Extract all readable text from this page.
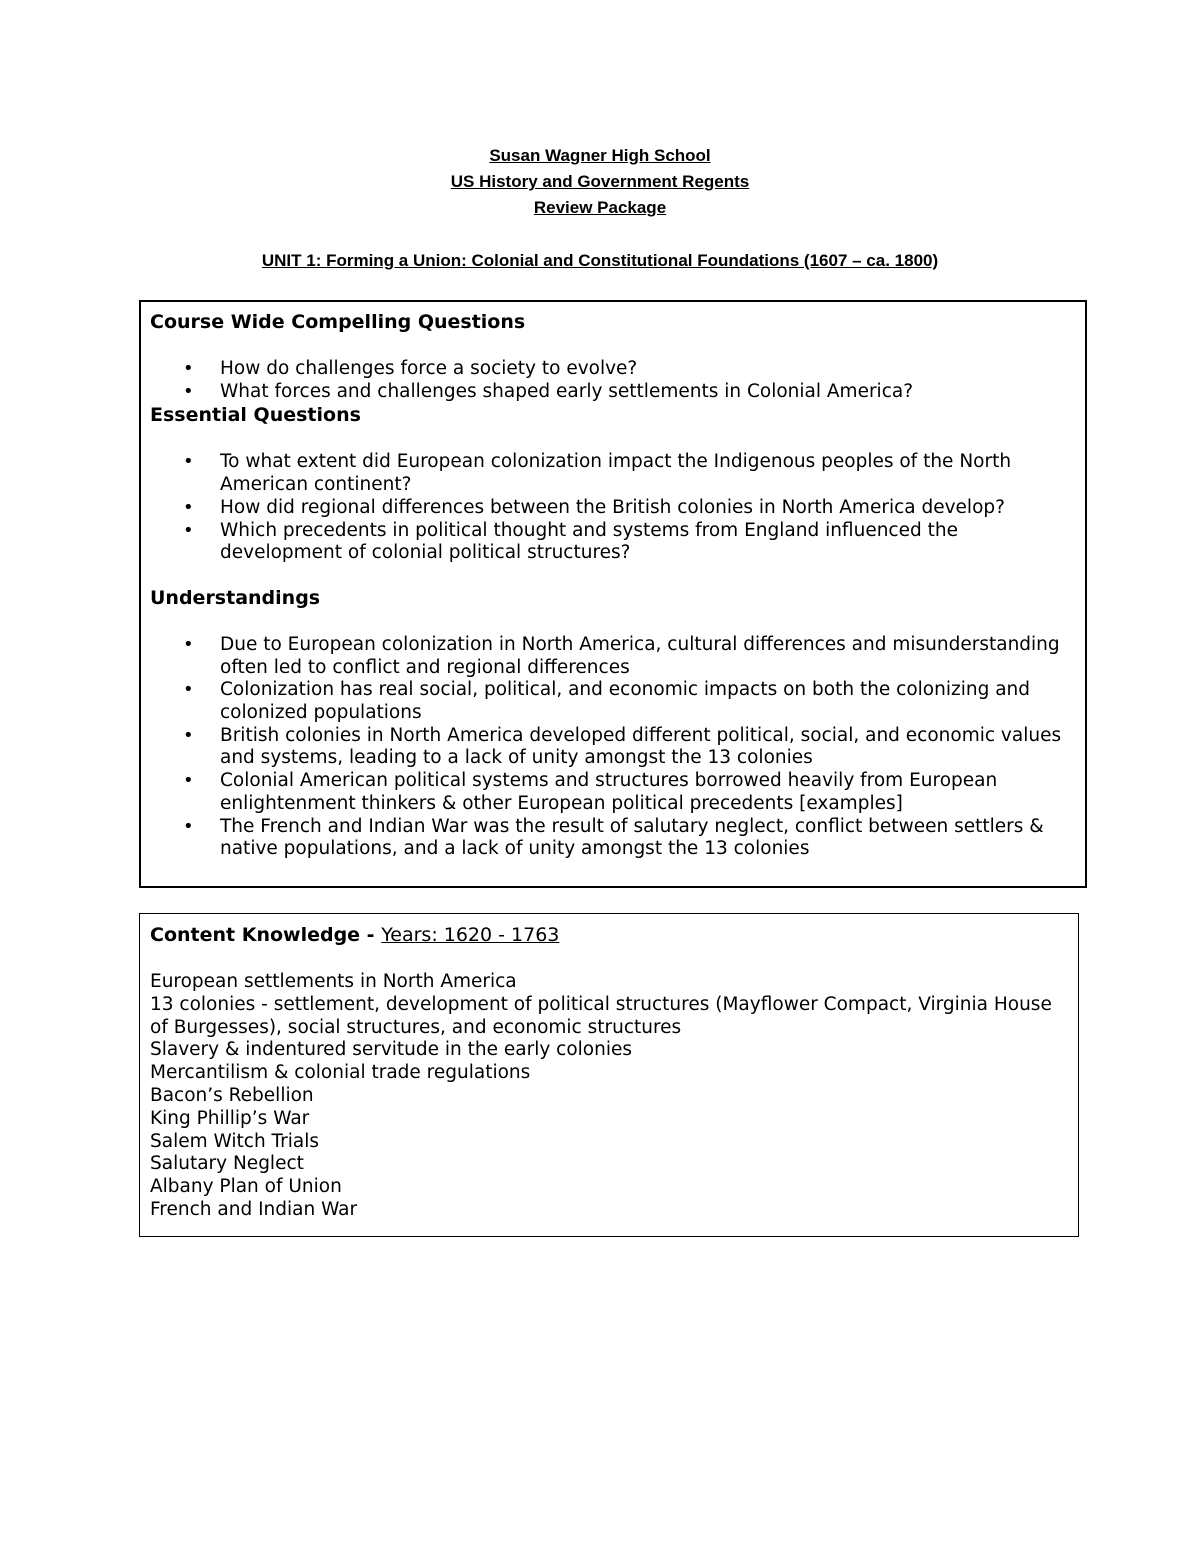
Susan Wagner High School
US History and Government Regents
Review Package
UNIT 1: Forming a Union: Colonial and Constitutional Foundations (1607 – ca. 1800)
Course Wide Compelling Questions
• How do challenges force a society to evolve?
• What forces and challenges shaped early settlements in Colonial America?
Essential Questions
• To what extent did European colonization impact the Indigenous peoples of the North American continent?
• How did regional differences between the British colonies in North America develop?
• Which precedents in political thought and systems from England influenced the development of colonial political structures?
Understandings
• Due to European colonization in North America, cultural differences and misunderstanding often led to conflict and regional differences
• Colonization has real social, political, and economic impacts on both the colonizing and colonized populations
• British colonies in North America developed different political, social, and economic values and systems, leading to a lack of unity amongst the 13 colonies
• Colonial American political systems and structures borrowed heavily from European enlightenment thinkers & other European political precedents [examples]
• The French and Indian War was the result of salutary neglect, conflict between settlers & native populations, and a lack of unity amongst the 13 colonies
Content Knowledge - Years: 1620 - 1763
European settlements in North America
13 colonies - settlement, development of political structures (Mayflower Compact, Virginia House of Burgesses), social structures, and economic structures
Slavery & indentured servitude in the early colonies
Mercantilism & colonial trade regulations
Bacon’s Rebellion
King Phillip’s War
Salem Witch Trials
Salutary Neglect
Albany Plan of Union
French and Indian War
